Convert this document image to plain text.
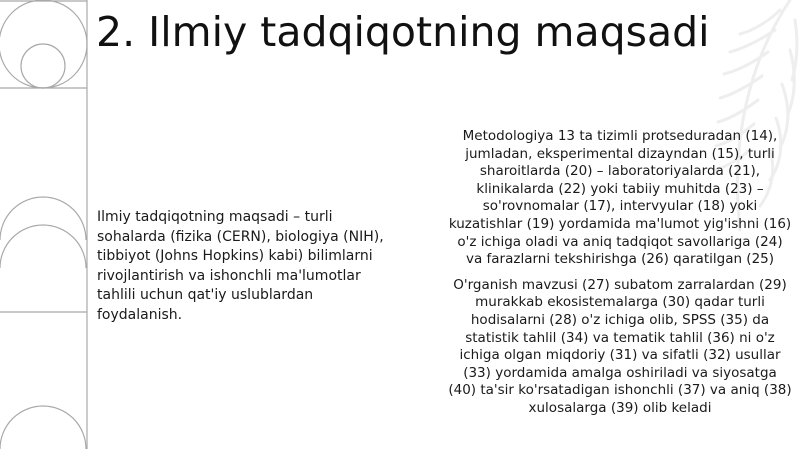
2. Ilmiy tadqiqotning maqsadi

Ilmiy tadqiqotning maqsadi – turli sohalarda (fizika (CERN), biologiya (NIH), tibbiyot (Johns Hopkins) kabi) bilimlarni rivojlantirish va ishonchli ma'lumotlar tahlili uchun qat'iy uslublardan foydalanish.

Metodologiya 13 ta tizimli protseduradan (14), jumladan, eksperimental dizayndan (15), turli sharoitlarda (20) – laboratoriyalarda (21), klinikalarda (22) yoki tabiiy muhitda (23) – so'rovnomalar (17), intervyular (18) yoki kuzatishlar (19) yordamida ma'lumot yig'ishni (16) o'z ichiga oladi va aniq tadqiqot savollariga (24) va farazlarni tekshirishga (26) qaratilgan (25)

O'rganish mavzusi (27) subatom zarralardan (29) murakkab ekosistemalarga (30) qadar turli hodisalarni (28) o'z ichiga olib, SPSS (35) da statistik tahlil (34) va tematik tahlil (36) ni o'z ichiga olgan miqdoriy (31) va sifatli (32) usullar (33) yordamida amalga oshiriladi va siyosatga (40) ta'sir ko'rsatadigan ishonchli (37) va aniq (38) xulosalarga (39) olib keladi
